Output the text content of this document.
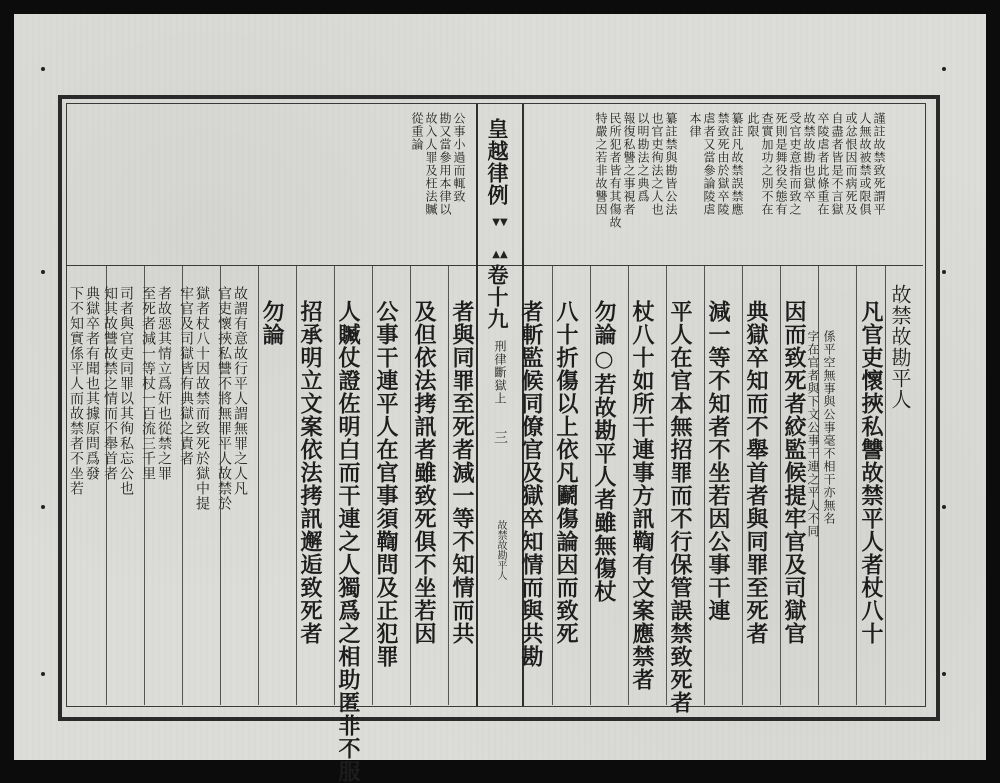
▼▼
▲▲
皇越律例
卷十九
刑律斷獄上
三
故禁故勘平人
謹註故禁致死謂平
人無故被禁或限俱
或忿恨因而病死及
自盡者皆是不言獄
卒陵虐者此條重在
故禁故勘也獄卒
受官吏意指而致之
死則是舞役矣態有
查實加功之別不在
此限
纂註凡故禁誤禁應
禁致死由於獄卒陵
虐者又當參論陵虐
本律
纂註禁與勘皆公法
也官吏徇法之人也
以明勘法之典爲
報復私讐之事視者
民所犯者皆有其傷故
特嚴之若非故讐因
公事小過而輒致
勘又當參用本律以
故入人罪及枉法贓
從重論
故禁故勘平人
凡官吏懷挾私讐故禁平人者杖八十
係平空無事與公事毫不相干亦無名
字在官者與下文公事干連之平人不同
因而致死者絞監候提牢官及司獄官
典獄卒知而不舉首者與同罪至死者
減一等不知者不坐若因公事干連
平人在官本無招罪而不行保管誤禁致死者
杖八十如所干連事方訊鞫有文案應禁者
勿論○若故勘平人者雖無傷杖
八十折傷以上依凡鬬傷論因而致死
者斬監候同僚官及獄卒知情而與共勘
者與同罪至死者減一等不知情而共
及但依法拷訊者雖致死俱不坐若因
公事干連平人在官事須鞫問及正犯罪
人贓仗證佐明白而干連之人獨爲之相助匿非不服
招承明立文案依法拷訊邂逅致死者
勿論
故謂有意故行平人謂無罪之人凡
官吏懷挾私讐不將無罪平人故禁於
獄者杖八十因故禁而致死於獄中提
牢官及司獄皆有典獄之責者
者故惡其情立爲奸也從禁之罪
至死者減一等杖一百流三千里
司者與官吏同罪以其徇私忘公也
知其故讐故禁之情而不舉首者
典獄卒者有聞也其據原問爲發
下不知實係平人而故禁者不坐若
